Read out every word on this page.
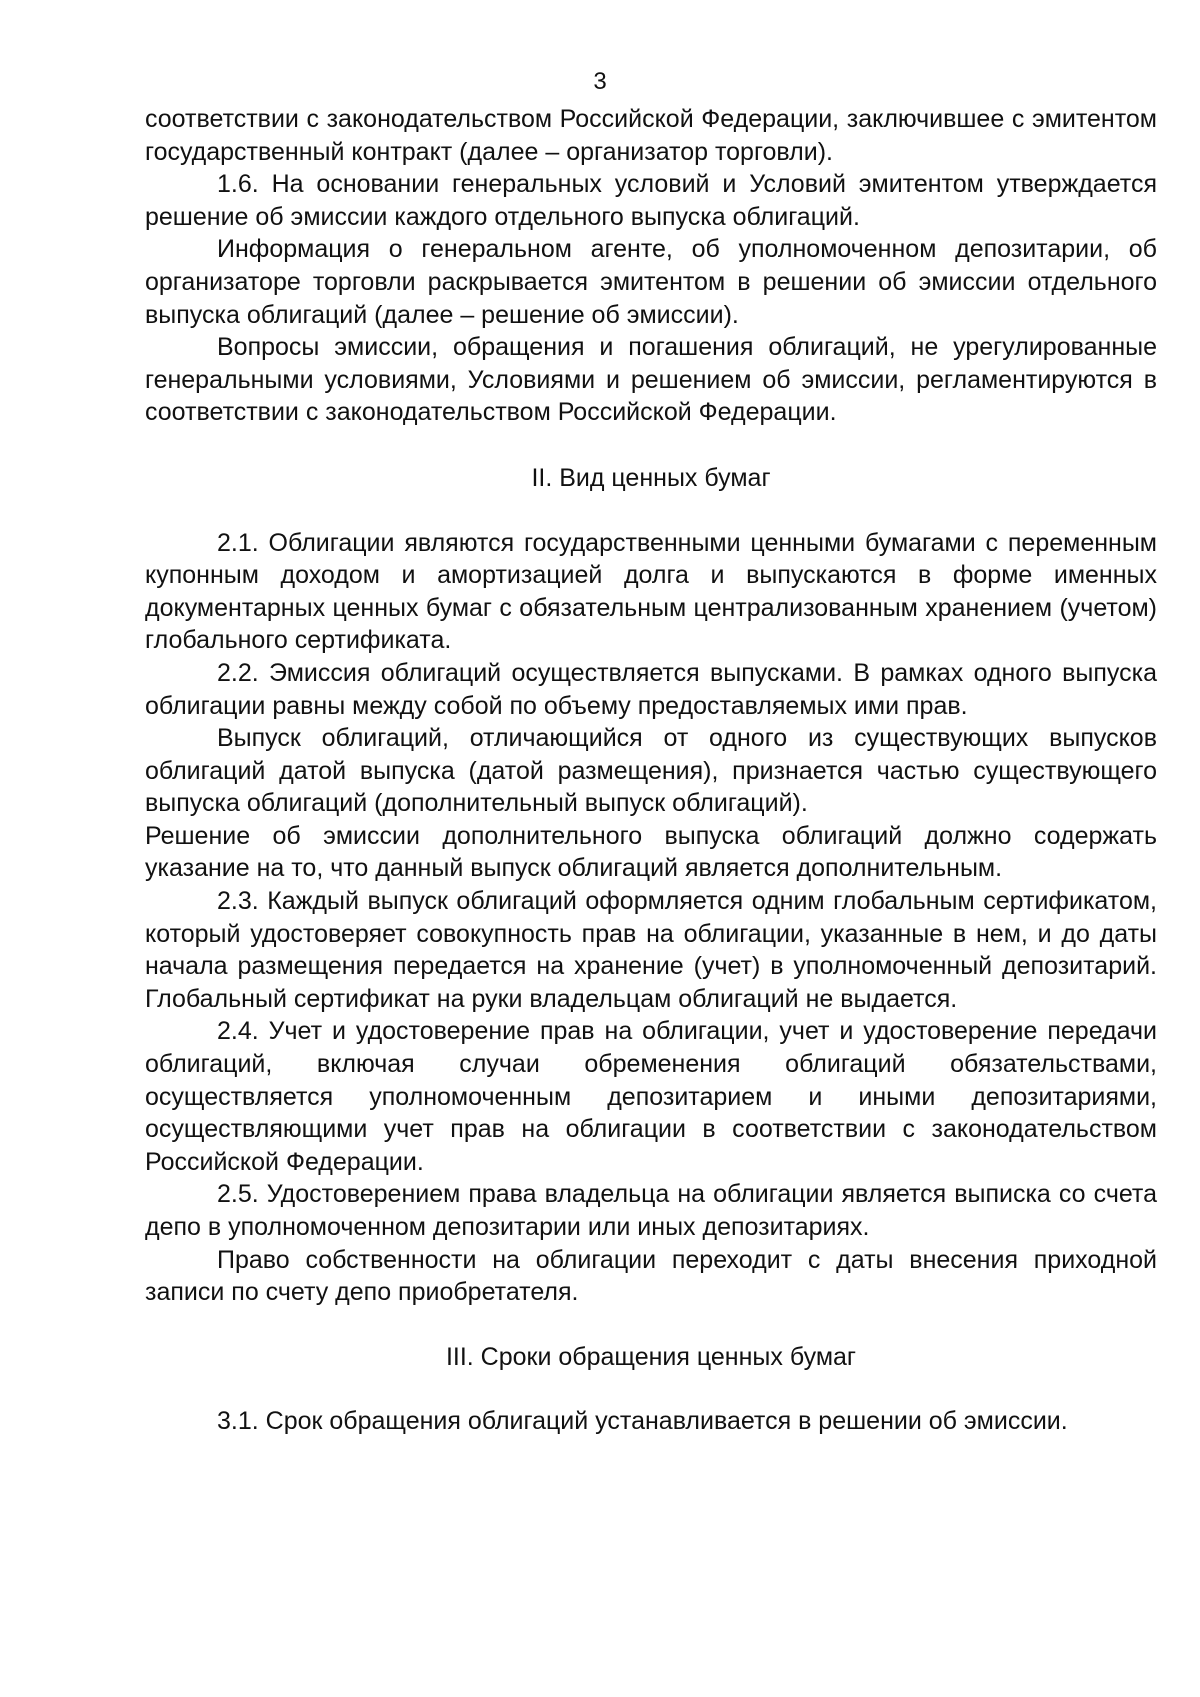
3

соответствии с законодательством Российской Федерации, заключившее с эмитентом государственный контракт (далее – организатор торговли).

1.6. На основании генеральных условий и Условий эмитентом утверждается решение об эмиссии каждого отдельного выпуска облигаций.

Информация о генеральном агенте, об уполномоченном депозитарии, об организаторе торговли раскрывается эмитентом в решении об эмиссии отдельного выпуска облигаций (далее – решение об эмиссии).

Вопросы эмиссии, обращения и погашения облигаций, не урегулированные генеральными условиями, Условиями и решением об эмиссии, регламентируются в соответствии с законодательством Российской Федерации.

II. Вид ценных бумаг

2.1. Облигации являются государственными ценными бумагами с переменным купонным доходом и амортизацией долга и выпускаются в форме именных документарных ценных бумаг с обязательным централизованным хранением (учетом) глобального сертификата.

2.2. Эмиссия облигаций осуществляется выпусками. В рамках одного выпуска облигации равны между собой по объему предоставляемых ими прав.

Выпуск облигаций, отличающийся от одного из существующих выпусков облигаций датой выпуска (датой размещения), признается частью существующего выпуска облигаций (дополнительный выпуск облигаций).

Решение об эмиссии дополнительного выпуска облигаций должно содержать указание на то, что данный выпуск облигаций является дополнительным.

2.3. Каждый выпуск облигаций оформляется одним глобальным сертификатом, который удостоверяет совокупность прав на облигации, указанные в нем, и до даты начала размещения передается на хранение (учет) в уполномоченный депозитарий. Глобальный сертификат на руки владельцам облигаций не выдается.

2.4. Учет и удостоверение прав на облигации, учет и удостоверение передачи облигаций, включая случаи обременения облигаций обязательствами, осуществляется уполномоченным депозитарием и иными депозитариями, осуществляющими учет прав на облигации в соответствии с законодательством Российской Федерации.

2.5. Удостоверением права владельца на облигации является выписка со счета депо в уполномоченном депозитарии или иных депозитариях.

Право собственности на облигации переходит с даты внесения приходной записи по счету депо приобретателя.

III. Сроки обращения ценных бумаг

3.1. Срок обращения облигаций устанавливается в решении об эмиссии.
